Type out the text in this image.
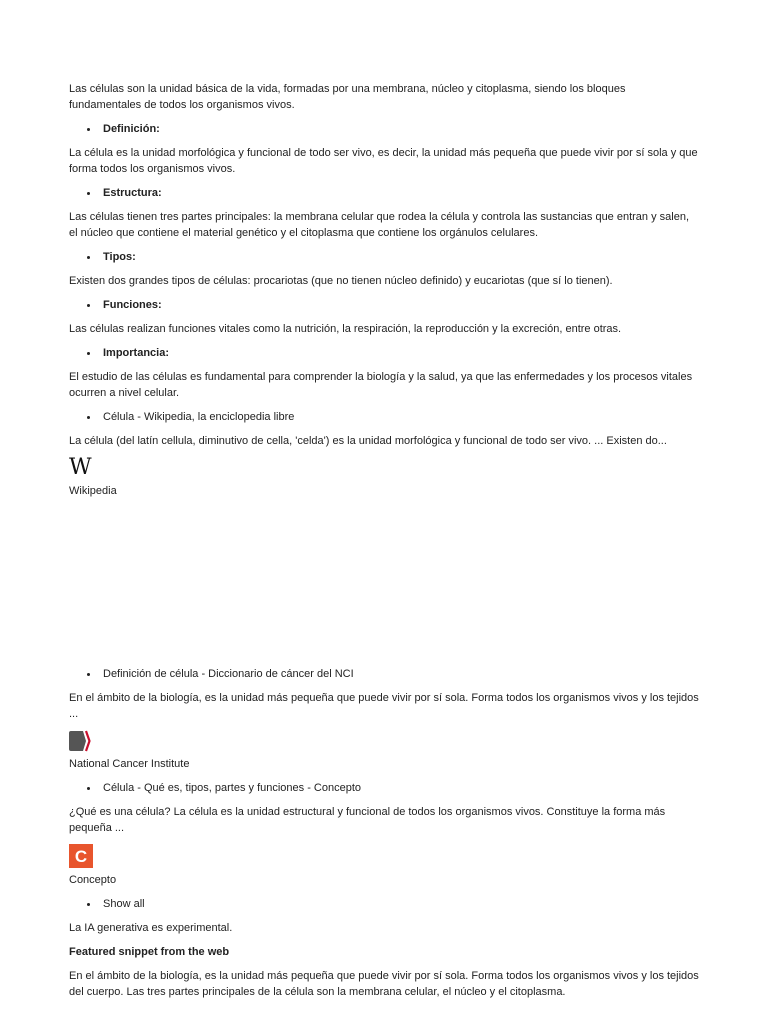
Las células son la unidad básica de la vida, formadas por una membrana, núcleo y citoplasma, siendo los bloques fundamentales de todos los organismos vivos.

Definición:

La célula es la unidad morfológica y funcional de todo ser vivo, es decir, la unidad más pequeña que puede vivir por sí sola y que forma todos los organismos vivos.

Estructura:

Las células tienen tres partes principales: la membrana celular que rodea la célula y controla las sustancias que entran y salen, el núcleo que contiene el material genético y el citoplasma que contiene los orgánulos celulares.

Tipos:

Existen dos grandes tipos de células: procariotas (que no tienen núcleo definido) y eucariotas (que sí lo tienen).

Funciones:

Las células realizan funciones vitales como la nutrición, la respiración, la reproducción y la excreción, entre otras.

Importancia:

El estudio de las células es fundamental para comprender la biología y la salud, ya que las enfermedades y los procesos vitales ocurren a nivel celular.

Célula - Wikipedia, la enciclopedia libre

La célula (del latín cellula, diminutivo de cella, 'celda') es la unidad morfológica y funcional de todo ser vivo. ... Existen do...

W

Wikipedia

Definición de célula - Diccionario de cáncer del NCI

En el ámbito de la biología, es la unidad más pequeña que puede vivir por sí sola. Forma todos los organismos vivos y los tejidos ...

National Cancer Institute

Célula - Qué es, tipos, partes y funciones - Concepto

¿Qué es una célula? La célula es la unidad estructural y funcional de todos los organismos vivos. Constituye la forma más pequeña ...

C

Concepto

Show all

La IA generativa es experimental.

Featured snippet from the web

En el ámbito de la biología, es la unidad más pequeña que puede vivir por sí sola. Forma todos los organismos vivos y los tejidos del cuerpo. Las tres partes principales de la célula son la membrana celular, el núcleo y el citoplasma.
